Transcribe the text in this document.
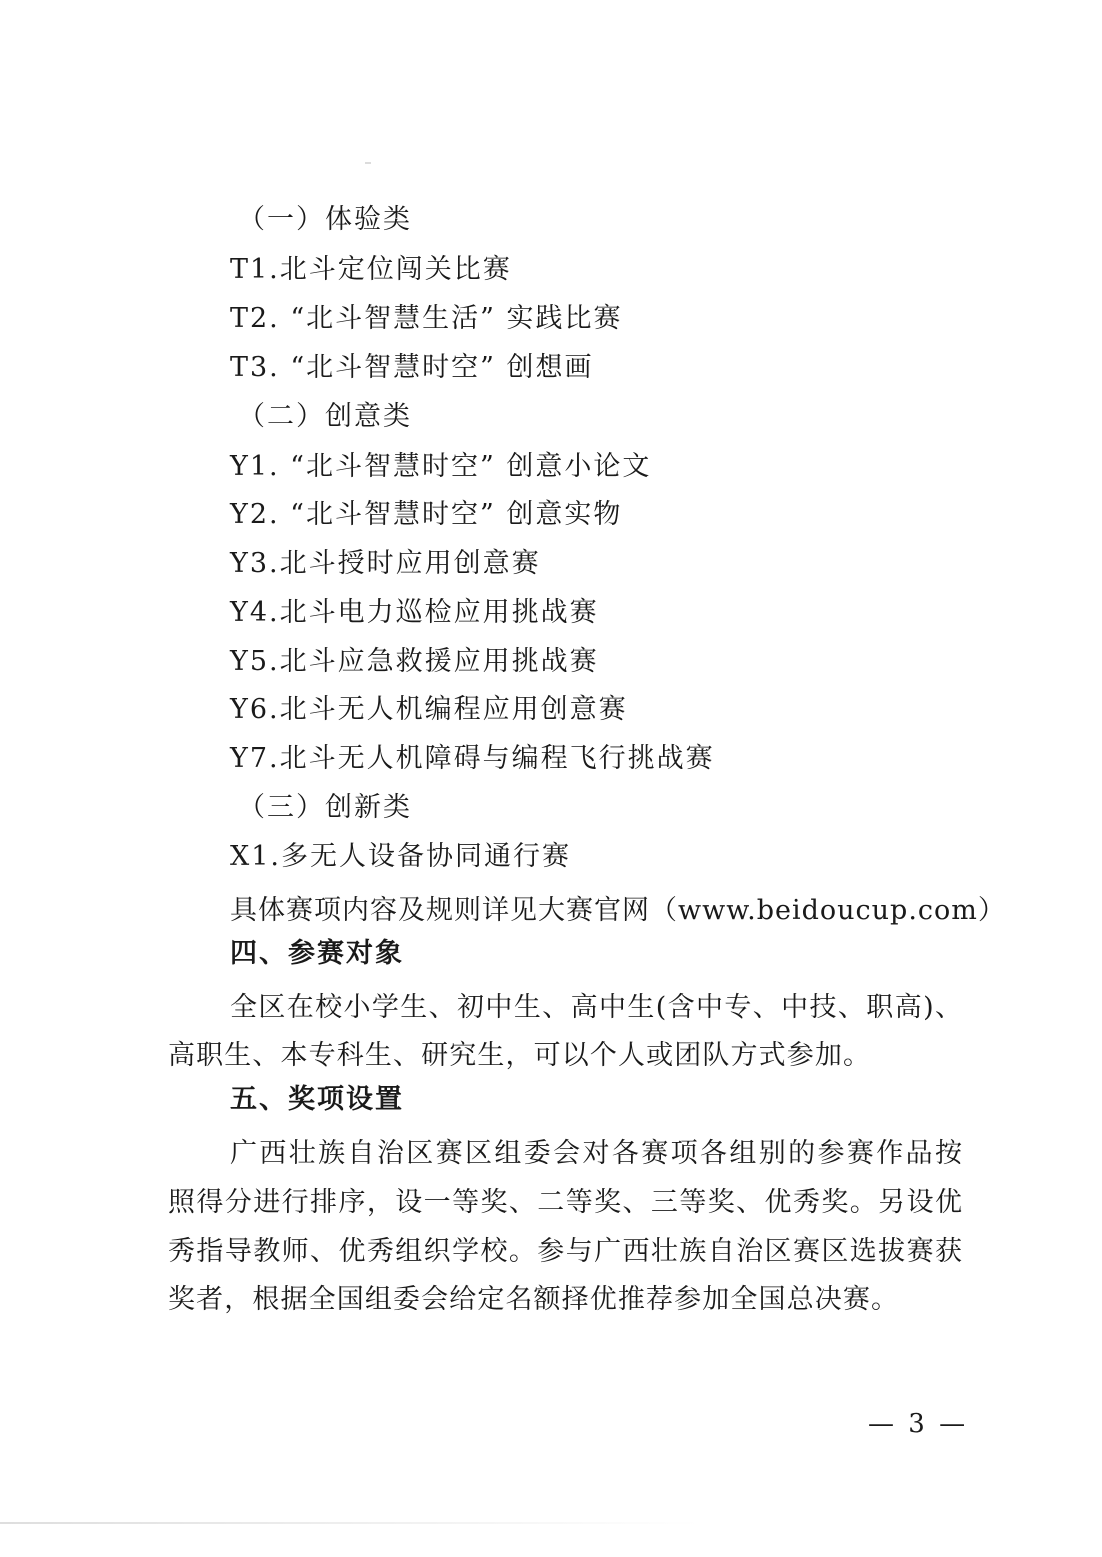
（一）体验类
T1.北斗定位闯关比赛
T2. “北斗智慧生活” 实践比赛
T3. “北斗智慧时空” 创想画
（二）创意类
Y1. “北斗智慧时空” 创意小论文
Y2. “北斗智慧时空” 创意实物
Y3.北斗授时应用创意赛
Y4.北斗电力巡检应用挑战赛
Y5.北斗应急救援应用挑战赛
Y6.北斗无人机编程应用创意赛
Y7.北斗无人机障碍与编程飞行挑战赛
（三）创新类
X1.多无人设备协同通行赛
具体赛项内容及规则详见大赛官网（www.beidoucup.com）
四、参赛对象
全区在校小学生、初中生、高中生(含中专、中技、职高)、
高职生、本专科生、研究生，可以个人或团队方式参加。
五、奖项设置
广西壮族自治区赛区组委会对各赛项各组别的参赛作品按
照得分进行排序，设一等奖、二等奖、三等奖、优秀奖。另设优
秀指导教师、优秀组织学校。参与广西壮族自治区赛区选拔赛获
奖者，根据全国组委会给定名额择优推荐参加全国总决赛。
— 3 —
